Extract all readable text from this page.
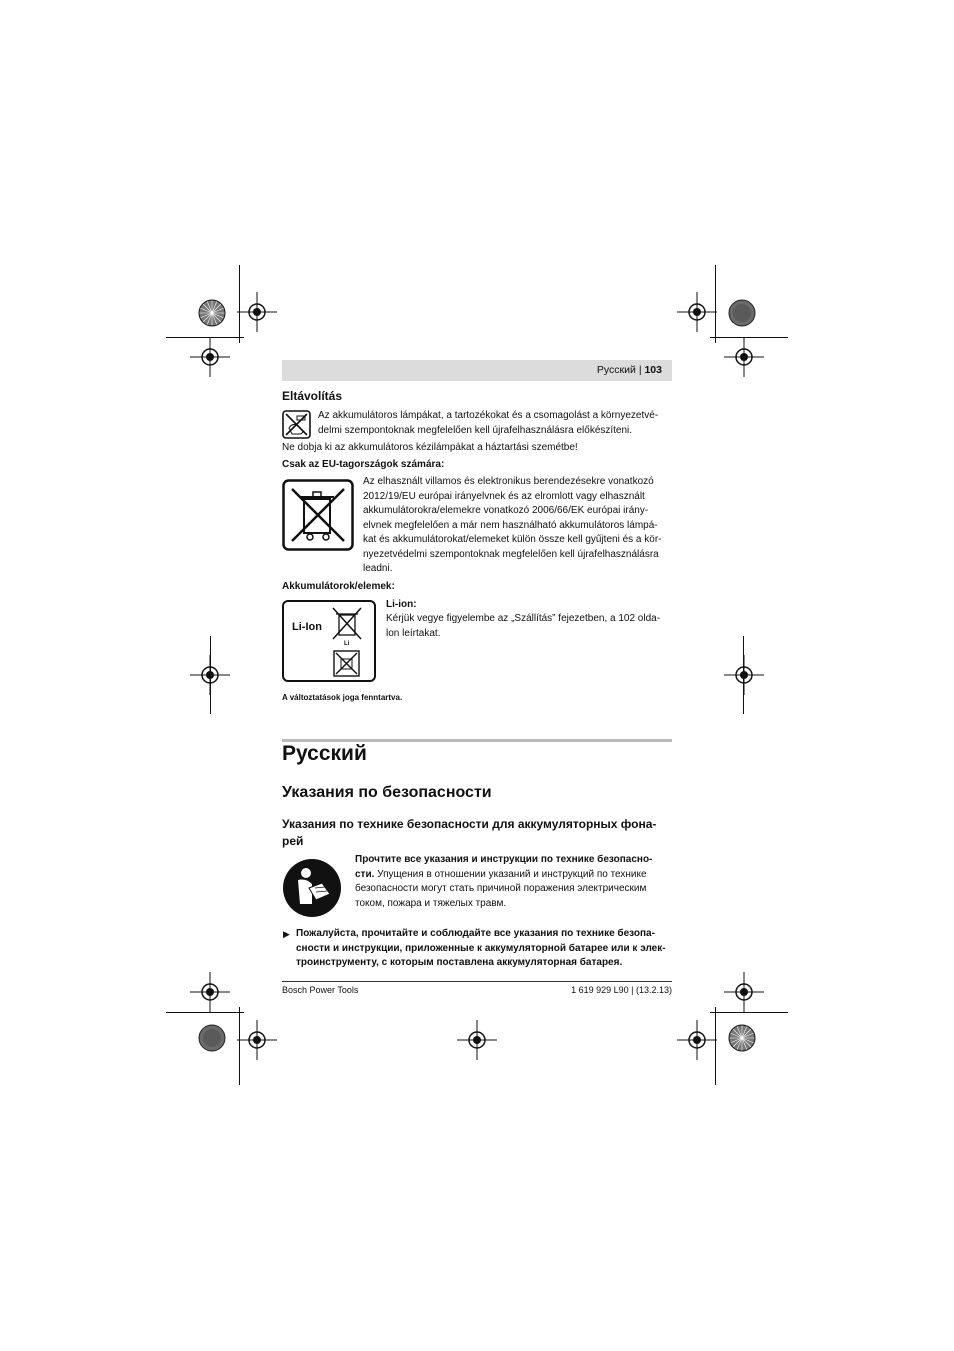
Русский | 103
Eltávolítás
Az akkumulátoros lámpákat, a tartozékokat és a csomagolást a környezetvé-
delmi szempontoknak megfelelően kell újrafelhasználásra előkészíteni.
Ne dobja ki az akkumulátoros kézilámpákat a háztartási szemétbe!
Csak az EU-tagországok számára:
Az elhasznált villamos és elektronikus berendezésekre vonatkozó
2012/19/EU európai irányelvnek és az elromlott vagy elhasznált
akkumulátorokra/elemekre vonatkozó 2006/66/EK európai irány-
elvnek megfelelően a már nem használható akkumulátoros lámpá-
kat és akkumulátorokat/elemeket külön össze kell gyűjteni és a kör-
nyezetvédelmi szempontoknak megfelelően kell újrafelhasználásra
leadni.
Akkumulátorok/elemek:
Li-Ion
Li
Li-ion:
Kérjük vegye figyelembe az „Szállítás” fejezetben, a 102 olda-
lon leírtakat.
A változtatások joga fenntartva.
Русский
Указания по безопасности
Указания по технике безопасности для аккумуляторных фона-
рей
Прочтите все указания и инструкции по технике безопасно-
сти. Упущения в отношении указаний и инструкций по технике
безопасности могут стать причиной поражения электрическим
током, пожара и тяжелых травм.
▶ Пожалуйста, прочитайте и соблюдайте все указания по технике безопа-
сности и инструкции, приложенные к аккумуляторной батарее или к элек-
троинструменту, с которым поставлена аккумуляторная батарея.
Bosch Power Tools	1 619 929 L90 | (13.2.13)
